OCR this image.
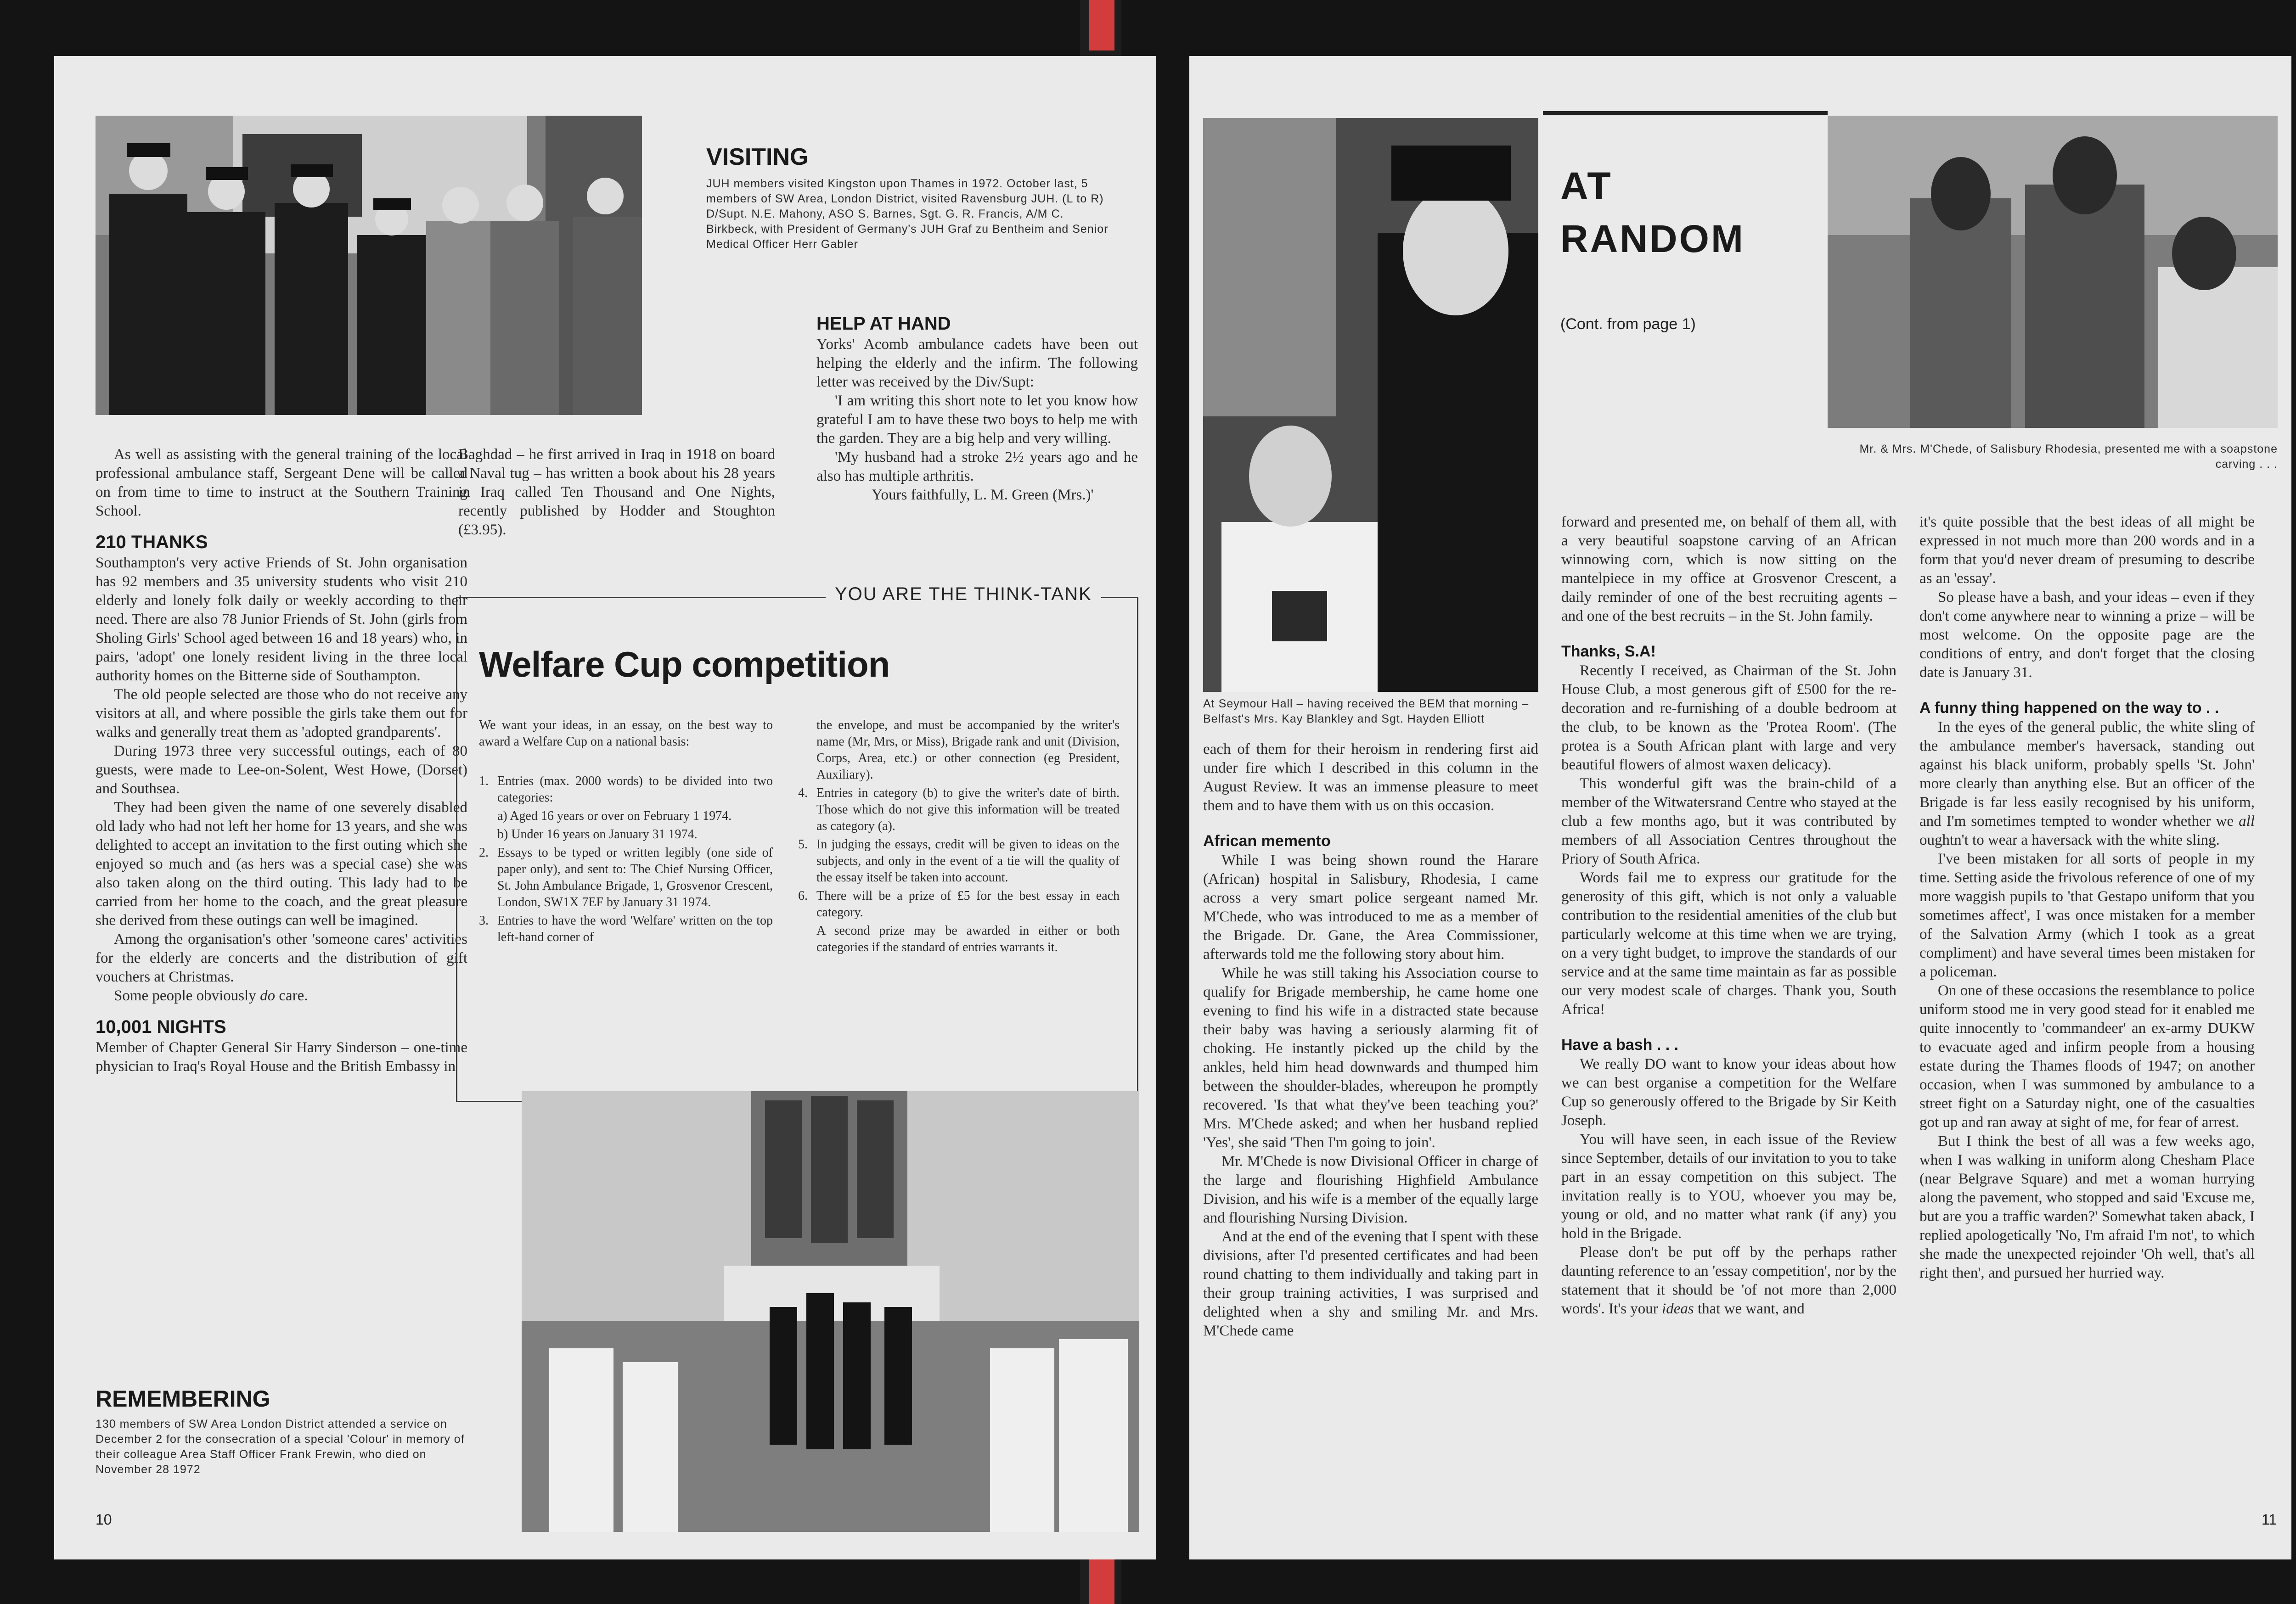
VISITING
JUH members visited Kingston upon Thames in 1972. October last, 5 members of SW Area, London District, visited Ravensburg JUH. (L to R) D/Supt. N.E. Mahony, ASO S. Barnes, Sgt. G. R. Francis, A/M C. Birkbeck, with President of Germany's JUH Graf zu Bentheim and Senior Medical Officer Herr Gabler

As well as assisting with the general training of the local professional ambulance staff, Sergeant Dene will be called on from time to time to instruct at the Southern Training School.

210 THANKS

Southampton's very active Friends of St. John organisation has 92 members and 35 university students who visit 210 elderly and lonely folk daily or weekly according to their need. There are also 78 Junior Friends of St. John (girls from Sholing Girls' School aged between 16 and 18 years) who, in pairs, 'adopt' one lonely resident living in the three local authority homes on the Bitterne side of Southampton.

The old people selected are those who do not receive any visitors at all, and where possible the girls take them out for walks and generally treat them as 'adopted grandparents'.

During 1973 three very successful outings, each of 80 guests, were made to Lee-on-Solent, West Howe, (Dorset) and Southsea.

They had been given the name of one severely disabled old lady who had not left her home for 13 years, and she was delighted to accept an invitation to the first outing which she enjoyed so much and (as hers was a special case) she was also taken along on the third outing. This lady had to be carried from her home to the coach, and the great pleasure she derived from these outings can well be imagined.

Among the organisation's other 'someone cares' activities for the elderly are concerts and the distribution of gift vouchers at Christmas.

Some people obviously do care.

10,001 NIGHTS

Member of Chapter General Sir Harry Sinderson – one-time physician to Iraq's Royal House and the British Embassy in

REMEMBERING
130 members of SW Area London District attended a service on December 2 for the consecration of a special 'Colour' in memory of their colleague Area Staff Officer Frank Frewin, who died on November 28 1972

Baghdad – he first arrived in Iraq in 1918 on board a Naval tug – has written a book about his 28 years in Iraq called Ten Thousand and One Nights, recently published by Hodder and Stoughton (£3.95).

HELP AT HAND

Yorks' Acomb ambulance cadets have been out helping the elderly and the infirm. The following letter was received by the Div/Supt:

'I am writing this short note to let you know how grateful I am to have these two boys to help me with the garden. They are a big help and very willing.

'My husband had a stroke 2½ years ago and he also has multiple arthritis.

Yours faithfully, L. M. Green (Mrs.)'

YOU ARE THE THINK-TANK
Welfare Cup competition

We want your ideas, in an essay, on the best way to award a Welfare Cup on a national basis:

1. Entries (max. 2000 words) to be divided into two categories:
a) Aged 16 years or over on February 1 1974.
b) Under 16 years on January 31 1974.
2. Essays to be typed or written legibly (one side of paper only), and sent to: The Chief Nursing Officer, St. John Ambulance Brigade, 1, Grosvenor Crescent, London, SW1X 7EF by January 31 1974.
3. Entries to have the word 'Welfare' written on the top left-hand corner of
the envelope, and must be accompanied by the writer's name (Mr, Mrs, or Miss), Brigade rank and unit (Division, Corps, Area, etc.) or other connection (eg President, Auxiliary).
4. Entries in category (b) to give the writer's date of birth. Those which do not give this information will be treated as category (a).
5. In judging the essays, credit will be given to ideas on the subjects, and only in the event of a tie will the quality of the essay itself be taken into account.
6. There will be a prize of £5 for the best essay in each category.
A second prize may be awarded in either or both categories if the standard of entries warrants it.
10
At Seymour Hall – having received the BEM that morning – Belfast's Mrs. Kay Blankley and Sgt. Hayden Elliott
AT
RANDOM
(Cont. from page 1)
Mr. & Mrs. M'Chede, of Salisbury Rhodesia, presented me with a soapstone carving . . .

each of them for their heroism in rendering first aid under fire which I described in this column in the August Review. It was an immense pleasure to meet them and to have them with us on this occasion.

African memento

While I was being shown round the Harare (African) hospital in Salisbury, Rhodesia, I came across a very smart police sergeant named Mr. M'Chede, who was introduced to me as a member of the Brigade. Dr. Gane, the Area Commissioner, afterwards told me the following story about him.

While he was still taking his Association course to qualify for Brigade membership, he came home one evening to find his wife in a distracted state because their baby was having a seriously alarming fit of choking. He instantly picked up the child by the ankles, held him head downwards and thumped him between the shoulder-blades, whereupon he promptly recovered. 'Is that what they've been teaching you?' Mrs. M'Chede asked; and when her husband replied 'Yes', she said 'Then I'm going to join'.

Mr. M'Chede is now Divisional Officer in charge of the large and flourishing Highfield Ambulance Division, and his wife is a member of the equally large and flourishing Nursing Division.

And at the end of the evening that I spent with these divisions, after I'd presented certificates and had been round chatting to them individually and taking part in their group training activities, I was surprised and delighted when a shy and smiling Mr. and Mrs. M'Chede came

forward and presented me, on behalf of them all, with a very beautiful soapstone carving of an African winnowing corn, which is now sitting on the mantelpiece in my office at Grosvenor Crescent, a daily reminder of one of the best recruiting agents – and one of the best recruits – in the St. John family.

Thanks, S.A!

Recently I received, as Chairman of the St. John House Club, a most generous gift of £500 for the re-decoration and re-furnishing of a double bedroom at the club, to be known as the 'Protea Room'. (The protea is a South African plant with large and very beautiful flowers of almost waxen delicacy).

This wonderful gift was the brain-child of a member of the Witwatersrand Centre who stayed at the club a few months ago, but it was contributed by members of all Association Centres throughout the Priory of South Africa.

Words fail me to express our gratitude for the generosity of this gift, which is not only a valuable contribution to the residential amenities of the club but particularly welcome at this time when we are trying, on a very tight budget, to improve the standards of our service and at the same time maintain as far as possible our very modest scale of charges. Thank you, South Africa!

Have a bash . . .

We really DO want to know your ideas about how we can best organise a competition for the Welfare Cup so generously offered to the Brigade by Sir Keith Joseph.

You will have seen, in each issue of the Review since September, details of our invitation to you to take part in an essay competition on this subject. The invitation really is to YOU, whoever you may be, young or old, and no matter what rank (if any) you hold in the Brigade.

Please don't be put off by the perhaps rather daunting reference to an 'essay competition', nor by the statement that it should be 'of not more than 2,000 words'. It's your ideas that we want, and

it's quite possible that the best ideas of all might be expressed in not much more than 200 words and in a form that you'd never dream of presuming to describe as an 'essay'.

So please have a bash, and your ideas – even if they don't come anywhere near to winning a prize – will be most welcome. On the opposite page are the conditions of entry, and don't forget that the closing date is January 31.

A funny thing happened on the way to . .

In the eyes of the general public, the white sling of the ambulance member's haversack, standing out against his black uniform, probably spells 'St. John' more clearly than anything else. But an officer of the Brigade is far less easily recognised by his uniform, and I'm sometimes tempted to wonder whether we all oughtn't to wear a haversack with the white sling.

I've been mistaken for all sorts of people in my time. Setting aside the frivolous reference of one of my more waggish pupils to 'that Gestapo uniform that you sometimes affect', I was once mistaken for a member of the Salvation Army (which I took as a great compliment) and have several times been mistaken for a policeman.

On one of these occasions the resemblance to police uniform stood me in very good stead for it enabled me quite innocently to 'commandeer' an ex-army DUKW to evacuate aged and infirm people from a housing estate during the Thames floods of 1947; on another occasion, when I was summoned by ambulance to a street fight on a Saturday night, one of the casualties got up and ran away at sight of me, for fear of arrest.

But I think the best of all was a few weeks ago, when I was walking in uniform along Chesham Place (near Belgrave Square) and met a woman hurrying along the pavement, who stopped and said 'Excuse me, but are you a traffic warden?' Somewhat taken aback, I replied apologetically 'No, I'm afraid I'm not', to which she made the unexpected rejoinder 'Oh well, that's all right then', and pursued her hurried way.

11
